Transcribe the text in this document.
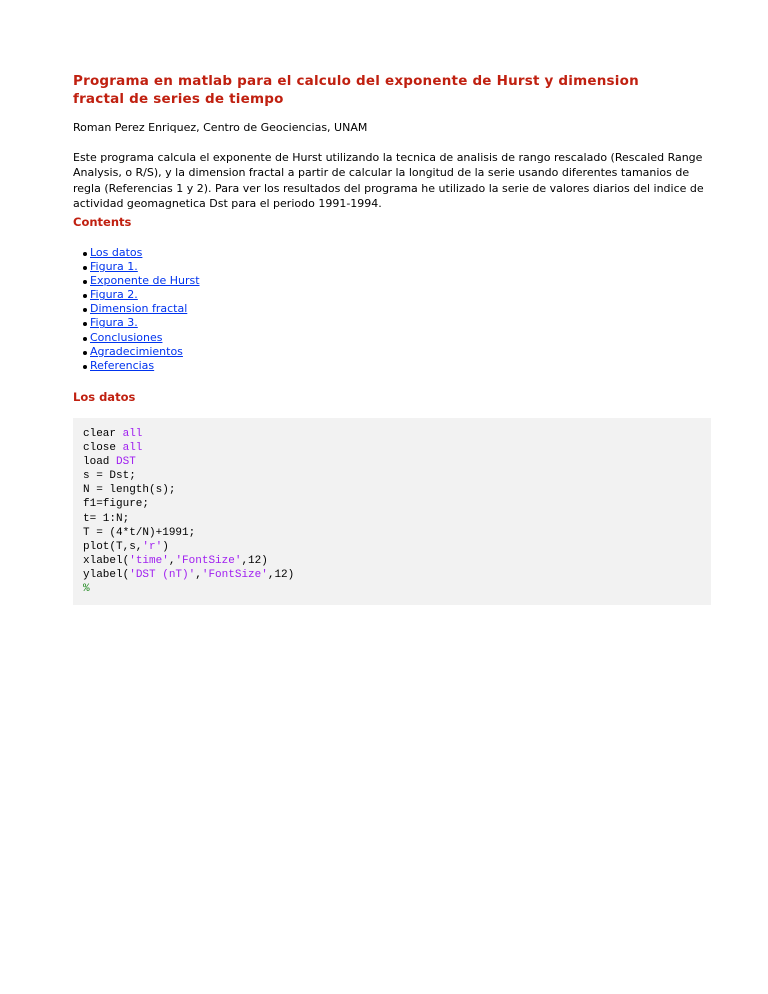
Programa en matlab para el calculo del exponente de Hurst y dimension fractal de series de tiempo

Roman Perez Enriquez, Centro de Geociencias, UNAM

Este programa calcula el exponente de Hurst utilizando la tecnica de analisis de rango rescalado (Rescaled Range Analysis, o R/S), y la dimension fractal a partir de calcular la longitud de la serie usando diferentes tamanios de regla (Referencias 1 y 2). Para ver los resultados del programa he utilizado la serie de valores diarios del indice de actividad geomagnetica Dst para el periodo 1991-1994.

Contents
Los datos
Figura 1.
Exponente de Hurst
Figura 2.
Dimension fractal
Figura 3.
Conclusiones
Agradecimientos
Referencias
Los datos
clear all
close all
load DST
s = Dst;
N = length(s);
f1=figure;
t= 1:N;
T = (4*t/N)+1991;
plot(T,s,'r')
xlabel('time','FontSize',12)
ylabel('DST (nT)','FontSize',12)
%
